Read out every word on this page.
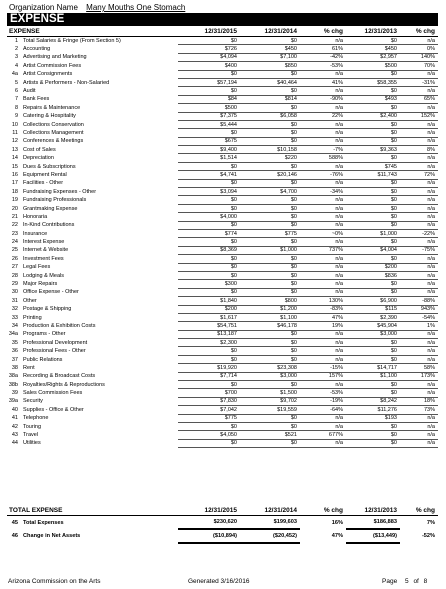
Organization Name Many Mouths One Stomach
EXPENSE
EXPENSE		12/31/2015	12/31/2014	% chg	12/31/2013	% chg
1	Total Salaries & Fringe (From Section 5)	$0	$0	n/a	$0	n/a
2	Accounting	$726	$450	61%	$450	0%
3	Advertising and Marketing	$4,094	$7,100	-42%	$2,957	140%
4	Artist Commission Fees	$400	$850	-53%	$500	70%
4a	Artist Consignments	$0	$0	n/a	$0	n/a
5	Artists & Performers - Non-Salaried	$57,194	$40,464	41%	$58,355	-31%
6	Audit	$0	$0	n/a	$0	n/a
7	Bank Fees	$84	$814	-90%	$493	65%
8	Repairs & Maintenance	$500	$0	n/a	$0	n/a
9	Catering & Hospitality	$7,375	$6,058	22%	$2,400	152%
10	Collections Conservation	$5,444	$0	n/a	$0	n/a
11	Collections Management	$0	$0	n/a	$0	n/a
12	Conferences & Meetings	$675	$0	n/a	$0	n/a
13	Cost of Sales	$9,400	$10,158	-7%	$9,363	8%
14	Depreciation	$1,514	$220	588%	$0	n/a
15	Dues & Subscriptions	$0	$0	n/a	$745	n/a
16	Equipment Rental	$4,741	$20,146	-76%	$11,743	72%
17	Facilities - Other	$0	$0	n/a	$0	n/a
18	Fundraising Expenses - Other	$3,094	$4,700	-34%	$0	n/a
19	Fundraising Professionals	$0	$0	n/a	$0	n/a
20	Grantmaking Expense	$0	$0	n/a	$0	n/a
21	Honoraria	$4,000	$0	n/a	$0	n/a
22	In-Kind Contributions	$0	$0	n/a	$0	n/a
23	Insurance	$774	$775	~0%	$1,000	-22%
24	Interest Expense	$0	$0	n/a	$0	n/a
25	Internet & Website	$8,369	$1,000	737%	$4,004	-75%
26	Investment Fees	$0	$0	n/a	$0	n/a
27	Legal Fees	$0	$0	n/a	$200	n/a
28	Lodging & Meals	$0	$0	n/a	$836	n/a
29	Major Repairs	$300	$0	n/a	$0	n/a
30	Office Expense - Other	$0	$0	n/a	$0	n/a
31	Other	$1,840	$800	130%	$6,900	-88%
32	Postage & Shipping	$200	$1,200	-83%	$115	943%
33	Printing	$1,617	$1,100	47%	$2,390	-54%
34	Production & Exhibition Costs	$54,751	$46,178	19%	$45,904	1%
34a	Programs - Other	$13,187	$0	n/a	$3,000	n/a
35	Professional Development	$2,300	$0	n/a	$0	n/a
36	Professional Fees - Other	$0	$0	n/a	$0	n/a
37	Public Relations	$0	$0	n/a	$0	n/a
38	Rent	$19,920	$23,308	-15%	$14,717	58%
38a	Recording & Broadcast Costs	$7,714	$3,000	157%	$1,100	173%
38b	Royalties/Rights & Reproductions	$0	$0	n/a	$0	n/a
39	Sales Commission Fees	$700	$1,500	-53%	$0	n/a
39a	Security	$7,830	$9,702	-19%	$8,242	18%
40	Supplies - Office & Other	$7,042	$19,559	-64%	$11,276	73%
41	Telephone	$775	$0	n/a	$193	n/a
42	Touring	$0	$0	n/a	$0	n/a
43	Travel	$4,050	$521	677%	$0	n/a
44	Utilities	$0	$0	n/a	$0	n/a
TOTAL EXPENSE		12/31/2015	12/31/2014	% chg	12/31/2013	% chg
45	Total Expenses	$230,620	$199,603	16%	$186,883	7%
46	Change in Net Assets	($10,894)	($20,452)	47%	($13,449)	-52%
Arizona Commission on the Arts	Generated 3/16/2016	Page 5 of 8
